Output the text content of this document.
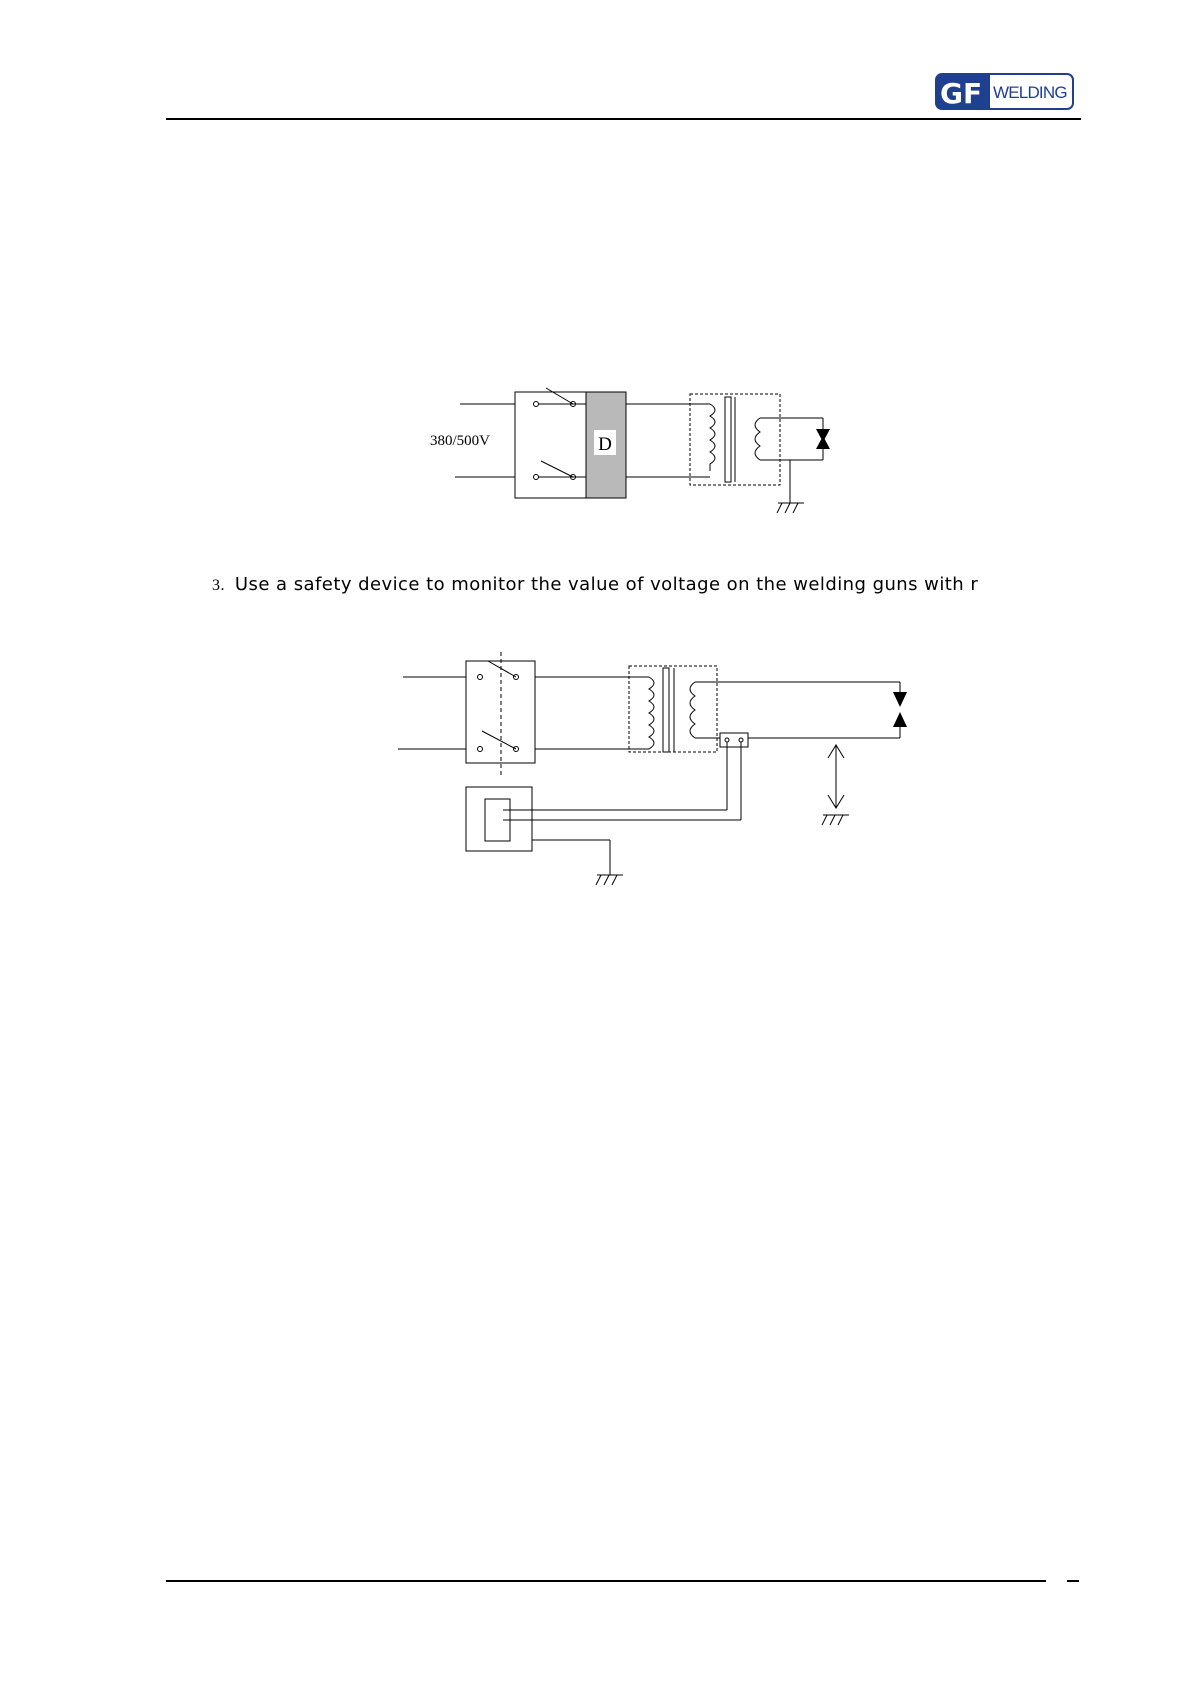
GF WELDING
D
380/500V
3. Use a safety device to monitor the value of voltage on the welding guns with r
